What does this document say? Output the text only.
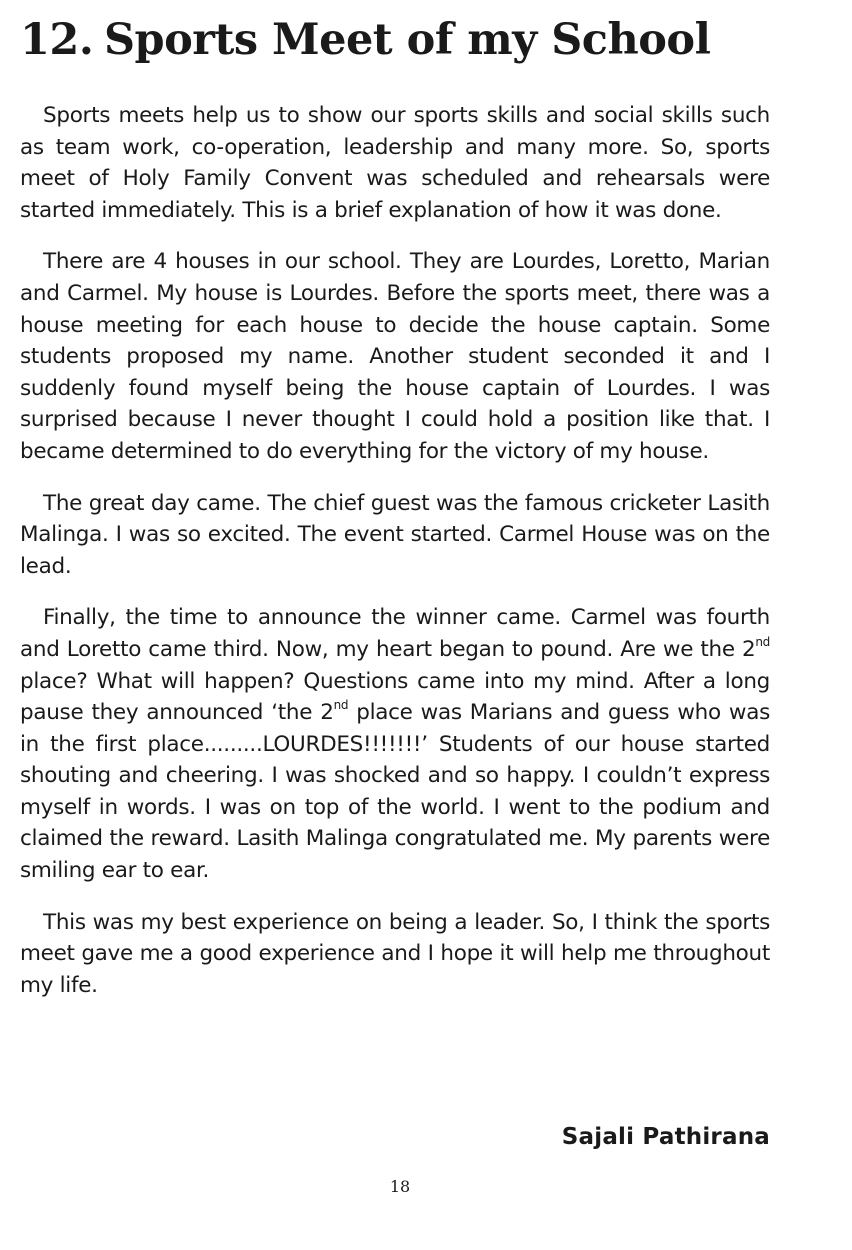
12. Sports Meet of my School

Sports meets help us to show our sports skills and social skills such as team work, co-operation, leadership and many more. So, sports meet of Holy Family Convent was scheduled and rehearsals were started immediately. This is a brief explanation of how it was done.

There are 4 houses in our school. They are Lourdes, Loretto, Marian and Carmel. My house is Lourdes. Before the sports meet, there was a house meeting for each house to decide the house captain. Some students proposed my name. Another student seconded it and I suddenly found myself being the house captain of Lourdes. I was surprised because I never thought I could hold a position like that. I became determined to do everything for the victory of my house.

The great day came. The chief guest was the famous cricketer Lasith Malinga. I was so excited. The event started. Carmel House was on the lead.

Finally, the time to announce the winner came. Carmel was fourth and Loretto came third. Now, my heart began to pound. Are we the 2nd place? What will happen? Questions came into my mind. After a long pause they announced ‘the 2nd place was Marians and guess who was in the first place.........LOURDES!!!!!!!’ Students of our house started shouting and cheering. I was shocked and so happy. I couldn’t express myself in words. I was on top of the world. I went to the podium and claimed the reward. Lasith Malinga congratulated me. My parents were smiling ear to ear.

This was my best experience on being a leader. So, I think the sports meet gave me a good experience and I hope it will help me throughout my life.

Sajali Pathirana
18
